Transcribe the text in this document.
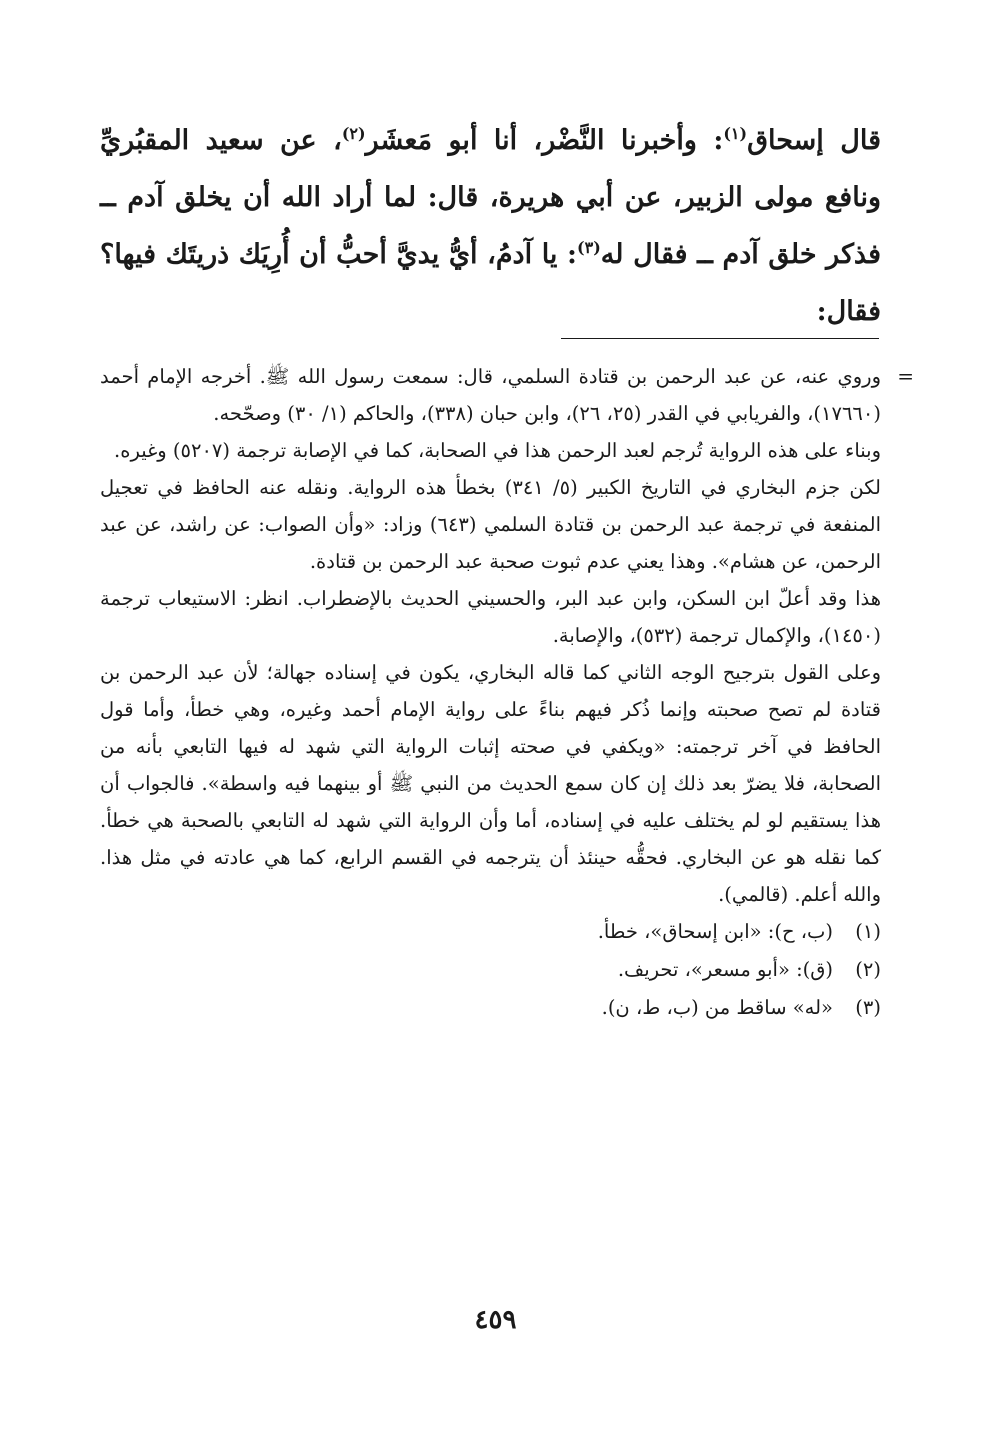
قال إسحاق$^{(١)}$: وأخبرنا النَّضْر، أنا أبو مَعشَر$^{(٢)}$، عن سعيد المقبُريِّ ونافع مولى الزبير، عن أبي هريرة، قال: لما أراد الله أن يخلق آدم ــ فذكر خلق آدم ــ فقال له$^{(٣)}$: يا آدمُ، أيُّ يديَّ أحبُّ أن أُرِيَك ذريتَك فيها؟ فقال:

=
وروي عنه، عن عبد الرحمن بن قتادة السلمي، قال: سمعت رسول الله ﷺ. أخرجه الإمام أحمد (١٧٦٦٠)، والفريابي في القدر (٢٥، ٢٦)، وابن حبان (٣٣٨)، والحاكم (١/ ٣٠) وصحّحه.

وبناء على هذه الرواية تُرجم لعبد الرحمن هذا في الصحابة، كما في الإصابة ترجمة (٥٢٠٧) وغيره.

لكن جزم البخاري في التاريخ الكبير (٥/ ٣٤١) بخطأ هذه الرواية. ونقله عنه الحافظ في تعجيل المنفعة في ترجمة عبد الرحمن بن قتادة السلمي (٦٤٣) وزاد: «وأن الصواب: عن راشد، عن عبد الرحمن، عن هشام». وهذا يعني عدم ثبوت صحبة عبد الرحمن بن قتادة.

هذا وقد أعلّ ابن السكن، وابن عبد البر، والحسيني الحديث بالإضطراب. انظر: الاستيعاب ترجمة (١٤٥٠)، والإكمال ترجمة (٥٣٢)، والإصابة.

وعلى القول بترجيح الوجه الثاني كما قاله البخاري، يكون في إسناده جهالة؛ لأن عبد الرحمن بن قتادة لم تصح صحبته وإنما ذُكر فيهم بناءً على رواية الإمام أحمد وغيره، وهي خطأ، وأما قول الحافظ في آخر ترجمته: «ويكفي في صحته إثبات الرواية التي شهد له فيها التابعي بأنه من الصحابة، فلا يضرّ بعد ذلك إن كان سمع الحديث من النبي ﷺ أو بينهما فيه واسطة». فالجواب أن هذا يستقيم لو لم يختلف عليه في إسناده، أما وأن الرواية التي شهد له التابعي بالصحبة هي خطأ. كما نقله هو عن البخاري. فحقُّه حينئذ أن يترجمه في القسم الرابع، كما هي عادته في مثل هذا. والله أعلم. (قالمي).

(١)
(ب، ح): «ابن إسحاق»، خطأ.
(٢)
(ق): «أبو مسعر»، تحريف.
(٣)
«له» ساقط من (ب، ط، ن).
٤٥٩
